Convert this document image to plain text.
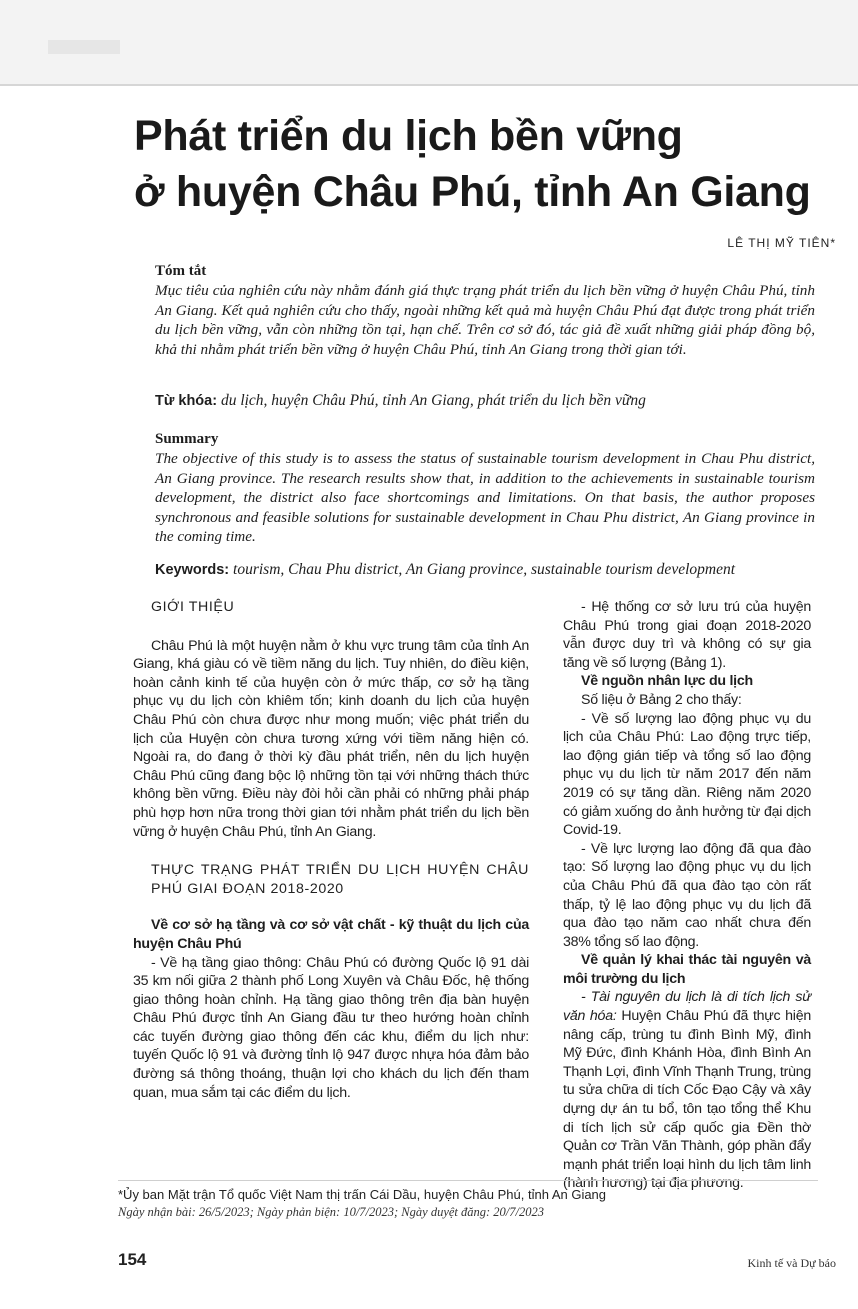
Phát triển du lịch bền vững
ở huyện Châu Phú, tỉnh An Giang
LÊ THỊ MỸ TIÊN*
Tóm tắt

Mục tiêu của nghiên cứu này nhằm đánh giá thực trạng phát triển du lịch bền vững ở huyện Châu Phú, tỉnh An Giang. Kết quả nghiên cứu cho thấy, ngoài những kết quả mà huyện Châu Phú đạt được trong phát triển du lịch bền vững, vẫn còn những tồn tại, hạn chế. Trên cơ sở đó, tác giả đề xuất những giải pháp đồng bộ, khả thi nhằm phát triển bền vững ở huyện Châu Phú, tỉnh An Giang trong thời gian tới.

Từ khóa: du lịch, huyện Châu Phú, tỉnh An Giang, phát triển du lịch bền vững
Summary

The objective of this study is to assess the status of sustainable tourism development in Chau Phu district, An Giang province. The research results show that, in addition to the achievements in sustainable tourism development, the district also face shortcomings and limitations. On that basis, the author proposes synchronous and feasible solutions for sustainable development in Chau Phu district, An Giang province in the coming time.

Keywords: tourism, Chau Phu district, An Giang province, sustainable tourism development
GIỚI THIỆU

Châu Phú là một huyện nằm ở khu vực trung tâm của tỉnh An Giang, khá giàu có về tiềm năng du lịch. Tuy nhiên, do điều kiện, hoàn cảnh kinh tế của huyện còn ở mức thấp, cơ sở hạ tầng phục vụ du lịch còn khiêm tốn; kinh doanh du lịch của huyện Châu Phú còn chưa được như mong muốn; việc phát triển du lịch của Huyện còn chưa tương xứng với tiềm năng hiện có. Ngoài ra, do đang ở thời kỳ đầu phát triển, nên du lịch huyện Châu Phú cũng đang bộc lộ những tồn tại với những thách thức không bền vững. Điều này đòi hỏi cần phải có những phải pháp phù hợp hơn nữa trong thời gian tới nhằm phát triển du lịch bền vững ở huyện Châu Phú, tỉnh An Giang.

THỰC TRẠNG PHÁT TRIỂN DU LỊCH HUYỆN CHÂU PHÚ GIAI ĐOẠN 2018-2020
Về cơ sở hạ tầng và cơ sở vật chất - kỹ thuật du lịch của huyện Châu Phú

- Về hạ tầng giao thông: Châu Phú có đường Quốc lộ 91 dài 35 km nối giữa 2 thành phố Long Xuyên và Châu Đốc, hệ thống giao thông hoàn chỉnh. Hạ tầng giao thông trên địa bàn huyện Châu Phú được tỉnh An Giang đầu tư theo hướng hoàn chỉnh các tuyến đường giao thông đến các khu, điểm du lịch như: tuyến Quốc lộ 91 và đường tỉnh lộ 947 được nhựa hóa đảm bảo đường sá thông thoáng, thuận lợi cho khách du lịch đến tham quan, mua sắm tại các điểm du lịch.

- Hệ thống cơ sở lưu trú của huyện Châu Phú trong giai đoạn 2018-2020 vẫn được duy trì và không có sự gia tăng về số lượng (Bảng 1).

Về nguồn nhân lực du lịch

Số liệu ở Bảng 2 cho thấy:

- Về số lượng lao động phục vụ du lịch của Châu Phú: Lao động trực tiếp, lao động gián tiếp và tổng số lao động phục vụ du lịch từ năm 2017 đến năm 2019 có sự tăng dần. Riêng năm 2020 có giảm xuống do ảnh hưởng từ đại dịch Covid-19.

- Về lực lượng lao động đã qua đào tạo: Số lượng lao động phục vụ du lịch của Châu Phú đã qua đào tạo còn rất thấp, tỷ lệ lao động phục vụ du lịch đã qua đào tạo năm cao nhất chưa đến 38% tổng số lao động.

Về quản lý khai thác tài nguyên và môi trường du lịch

- Tài nguyên du lịch là di tích lịch sử văn hóa: Huyện Châu Phú đã thực hiện nâng cấp, trùng tu đình Bình Mỹ, đình Mỹ Đức, đình Khánh Hòa, đình Bình An Thạnh Lợi, đình Vĩnh Thạnh Trung, trùng tu sửa chữa di tích Cốc Đạo Cậy và xây dựng dự án tu bổ, tôn tạo tổng thể Khu di tích lịch sử cấp quốc gia Đền thờ Quản cơ Trần Văn Thành, góp phần đẩy mạnh phát triển loại hình du lịch tâm linh (hành hương) tại địa phương.

*Ủy ban Mặt trận Tổ quốc Việt Nam thị trấn Cái Dầu, huyện Châu Phú, tỉnh An Giang
Ngày nhận bài: 26/5/2023; Ngày phản biện: 10/7/2023; Ngày duyệt đăng: 20/7/2023
154	Kinh tế và Dự báo
